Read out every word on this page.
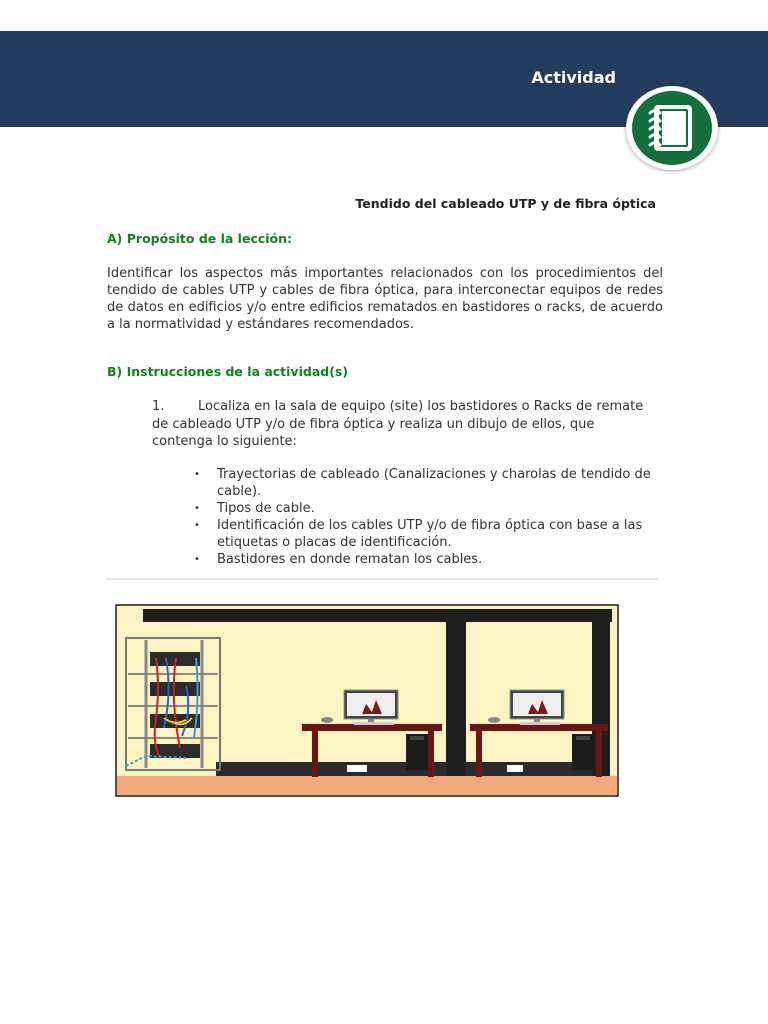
Actividad
Tendido del cableado UTP y de fibra óptica
A) Propósito de la lección:
Identificar los aspectos más importantes relacionados con los procedimientos del tendido de cables UTP y cables de fibra óptica, para interconectar equipos de redes de datos en edificios y/o entre edificios rematados en bastidores o racks, de acuerdo a la normatividad y estándares recomendados.
B) Instrucciones de la actividad(s)
1.	Localiza en la sala de equipo (site) los bastidores o Racks de remate de cableado UTP y/o de fibra óptica y realiza un dibujo de ellos, que contenga lo siguiente:
• Trayectorias de cableado (Canalizaciones y charolas de tendido de cable).
• Tipos de cable.
• Identificación de los cables UTP y/o de fibra óptica con base a las etiquetas o placas de identificación.
• Bastidores en donde rematan los cables.
